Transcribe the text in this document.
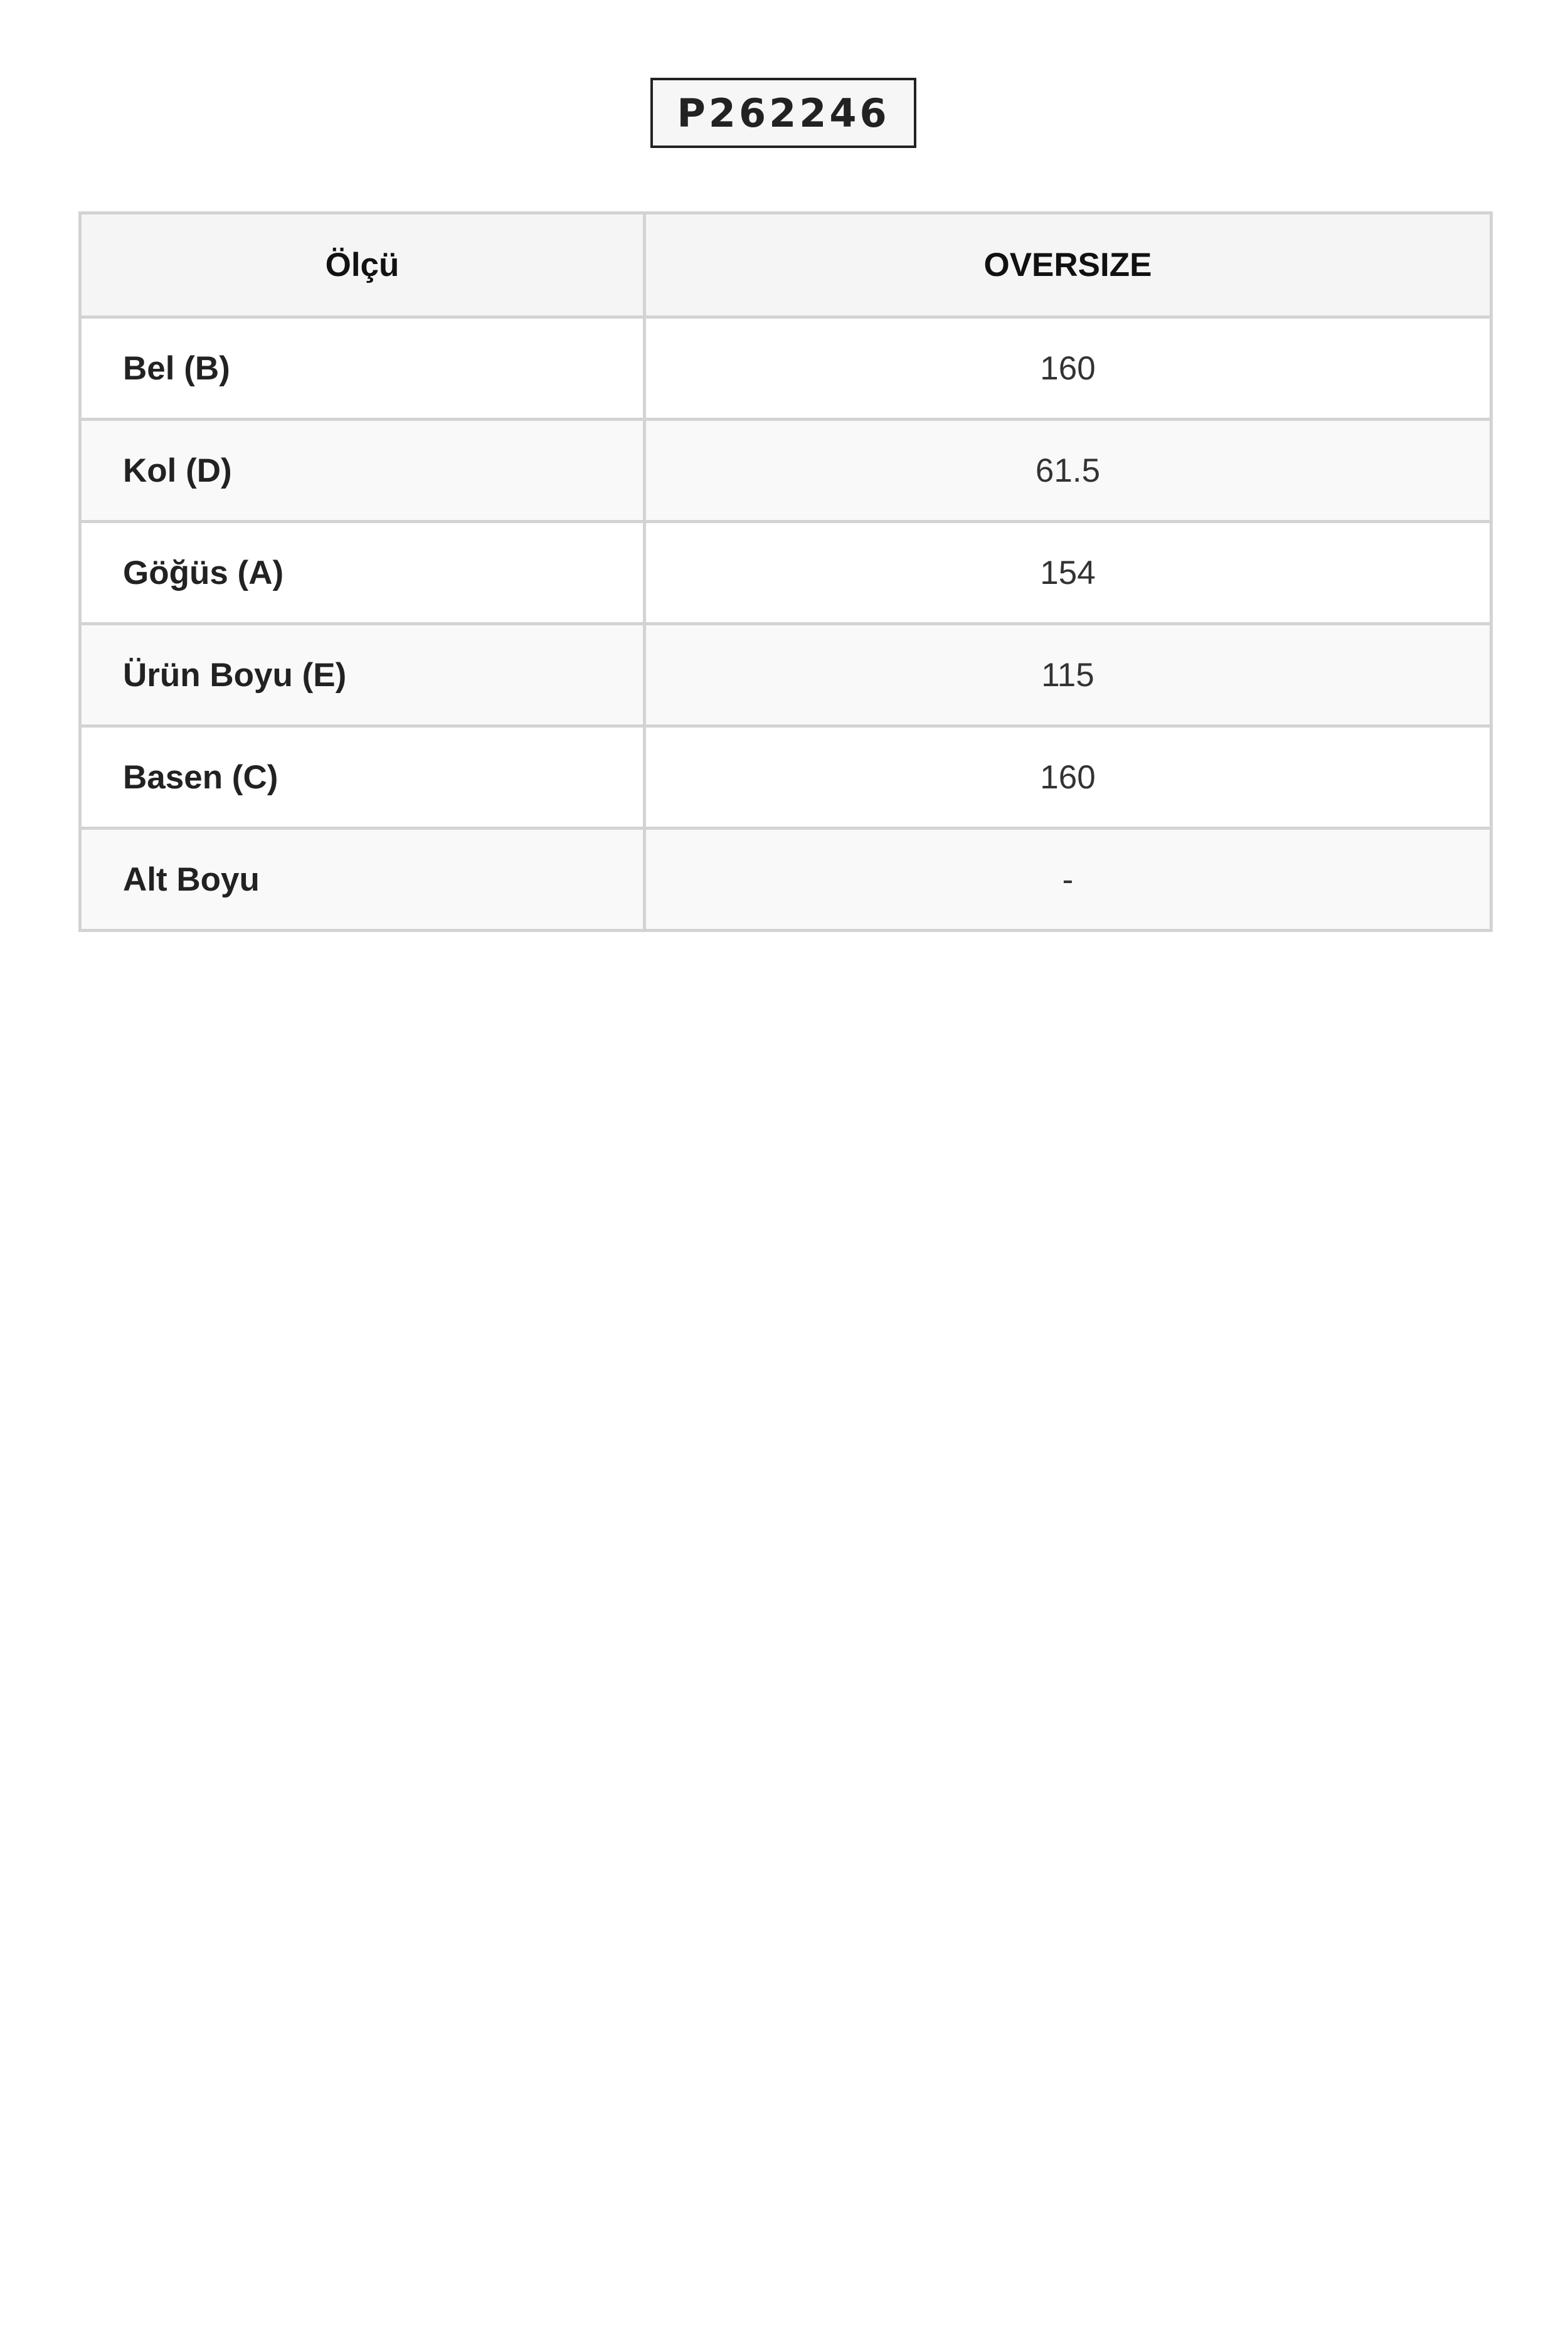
P262246
Ölçü	OVERSIZE
Bel (B)	160
Kol (D)	61.5
Göğüs (A)	154
Ürün Boyu (E)	115
Basen (C)	160
Alt Boyu	-
